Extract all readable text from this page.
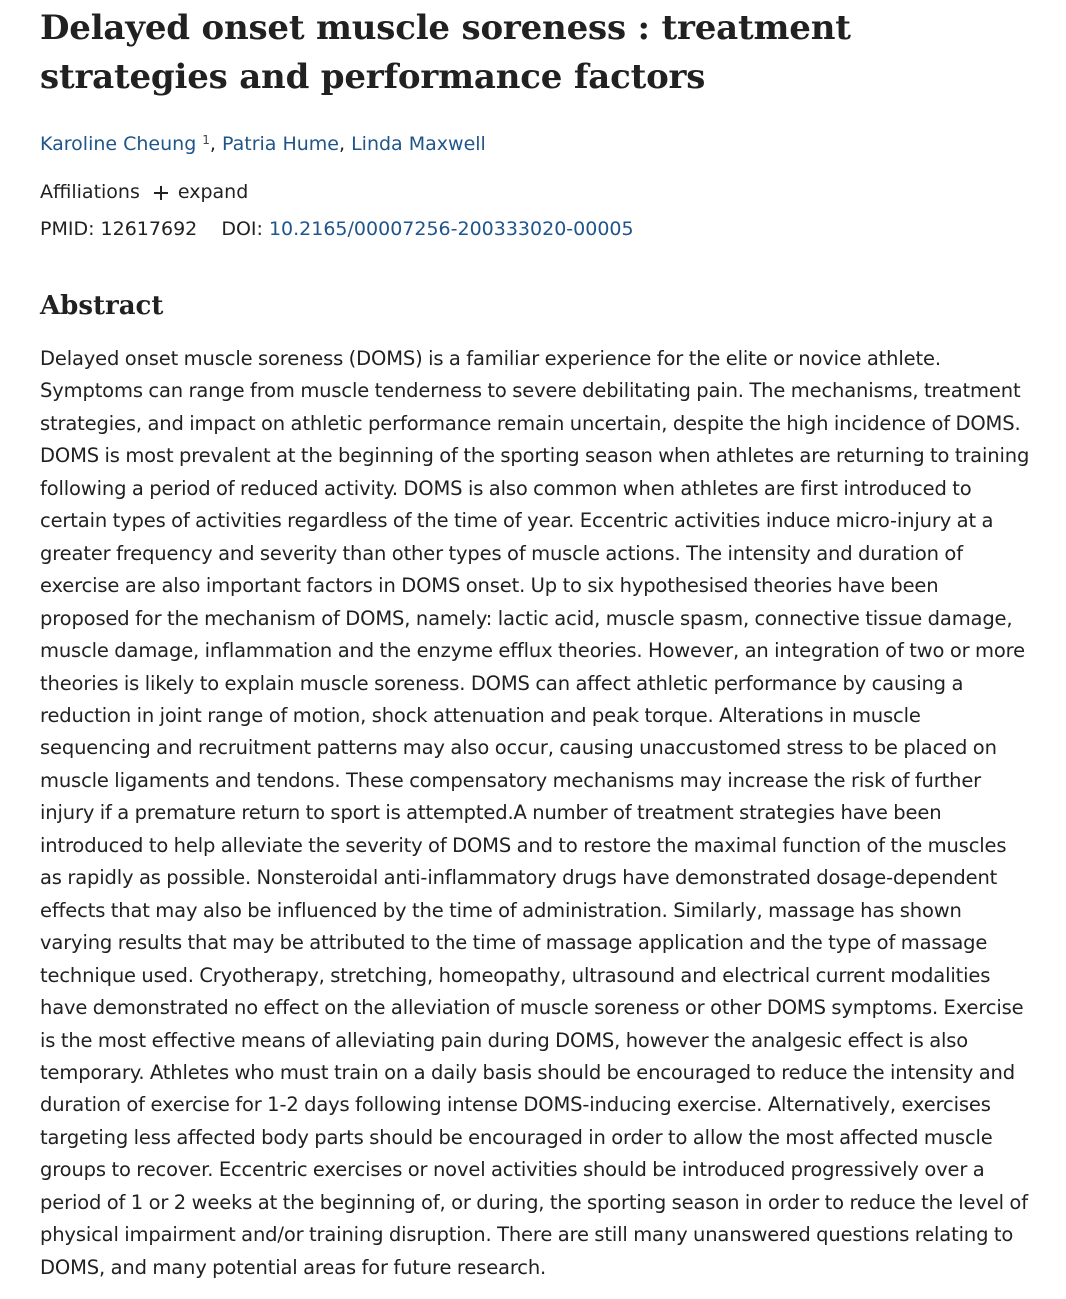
Delayed onset muscle soreness : treatment strategies and performance factors
Karoline Cheung $^1$, Patria Hume, Linda Maxwell
Affiliations expand
PMID: 12617692 DOI: 10.2165/00007256-200333020-00005
Abstract

Delayed onset muscle soreness (DOMS) is a familiar experience for the elite or novice athlete. Symptoms can range from muscle tenderness to severe debilitating pain. The mechanisms, treatment strategies, and impact on athletic performance remain uncertain, despite the high incidence of DOMS. DOMS is most prevalent at the beginning of the sporting season when athletes are returning to training following a period of reduced activity. DOMS is also common when athletes are first introduced to certain types of activities regardless of the time of year. Eccentric activities induce micro-injury at a greater frequency and severity than other types of muscle actions. The intensity and duration of exercise are also important factors in DOMS onset. Up to six hypothesised theories have been proposed for the mechanism of DOMS, namely: lactic acid, muscle spasm, connective tissue damage, muscle damage, inflammation and the enzyme efflux theories. However, an integration of two or more theories is likely to explain muscle soreness. DOMS can affect athletic performance by causing a reduction in joint range of motion, shock attenuation and peak torque. Alterations in muscle sequencing and recruitment patterns may also occur, causing unaccustomed stress to be placed on muscle ligaments and tendons. These compensatory mechanisms may increase the risk of further injury if a premature return to sport is attempted.A number of treatment strategies have been introduced to help alleviate the severity of DOMS and to restore the maximal function of the muscles as rapidly as possible. Nonsteroidal anti-inflammatory drugs have demonstrated dosage-dependent effects that may also be influenced by the time of administration. Similarly, massage has shown varying results that may be attributed to the time of massage application and the type of massage technique used. Cryotherapy, stretching, homeopathy, ultrasound and electrical current modalities have demonstrated no effect on the alleviation of muscle soreness or other DOMS symptoms. Exercise is the most effective means of alleviating pain during DOMS, however the analgesic effect is also temporary. Athletes who must train on a daily basis should be encouraged to reduce the intensity and duration of exercise for 1-2 days following intense DOMS-inducing exercise. Alternatively, exercises targeting less affected body parts should be encouraged in order to allow the most affected muscle groups to recover. Eccentric exercises or novel activities should be introduced progressively over a period of 1 or 2 weeks at the beginning of, or during, the sporting season in order to reduce the level of physical impairment and/or training disruption. There are still many unanswered questions relating to DOMS, and many potential areas for future research.
